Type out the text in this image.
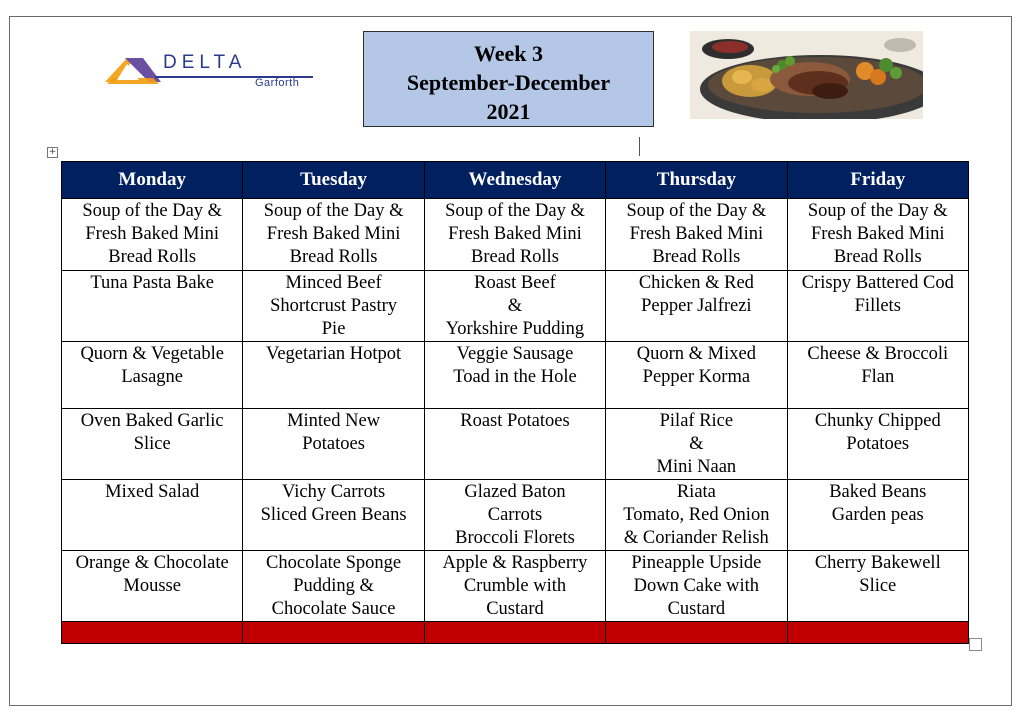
DELTA
Garforth
Week 3
September-December
2021
+
Monday	Tuesday	Wednesday	Thursday	Friday

Soup of the Day &
Fresh Baked Mini
Bread Rolls	Soup of the Day &
Fresh Baked Mini
Bread Rolls	Soup of the Day &
Fresh Baked Mini
Bread Rolls	Soup of the Day &
Fresh Baked Mini
Bread Rolls	Soup of the Day &
Fresh Baked Mini
Bread Rolls

Tuna Pasta Bake	Minced Beef
Shortcrust Pastry
Pie	Roast Beef
&
Yorkshire Pudding	Chicken & Red
Pepper Jalfrezi	Crispy Battered Cod
Fillets

Quorn & Vegetable
Lasagne	Vegetarian Hotpot	Veggie Sausage
Toad in the Hole	Quorn & Mixed
Pepper Korma	Cheese & Broccoli
Flan

Oven Baked Garlic
Slice	Minted New
Potatoes	Roast Potatoes	Pilaf Rice
&
Mini Naan	Chunky Chipped
Potatoes

Mixed Salad	Vichy Carrots
Sliced Green Beans	Glazed Baton
Carrots
Broccoli Florets	Riata
Tomato, Red Onion
& Coriander Relish	Baked Beans
Garden peas

Orange & Chocolate
Mousse	Chocolate Sponge
Pudding &
Chocolate Sauce	Apple & Raspberry
Crumble with
Custard	Pineapple Upside
Down Cake with
Custard	Cherry Bakewell
Slice
